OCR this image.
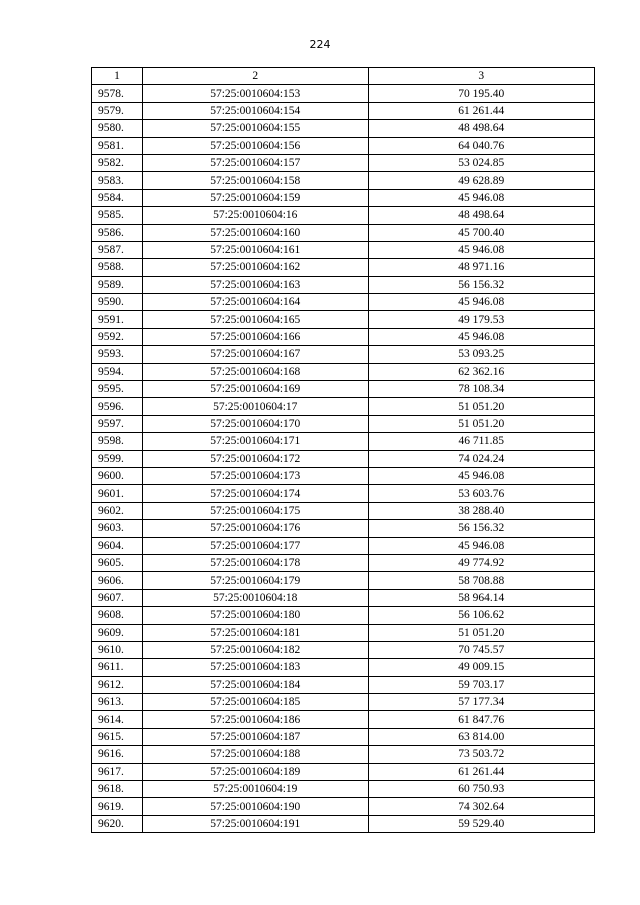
224
1	2	3
9578.	57:25:0010604:153	70 195.40
9579.	57:25:0010604:154	61 261.44
9580.	57:25:0010604:155	48 498.64
9581.	57:25:0010604:156	64 040.76
9582.	57:25:0010604:157	53 024.85
9583.	57:25:0010604:158	49 628.89
9584.	57:25:0010604:159	45 946.08
9585.	57:25:0010604:16	48 498.64
9586.	57:25:0010604:160	45 700.40
9587.	57:25:0010604:161	45 946.08
9588.	57:25:0010604:162	48 971.16
9589.	57:25:0010604:163	56 156.32
9590.	57:25:0010604:164	45 946.08
9591.	57:25:0010604:165	49 179.53
9592.	57:25:0010604:166	45 946.08
9593.	57:25:0010604:167	53 093.25
9594.	57:25:0010604:168	62 362.16
9595.	57:25:0010604:169	78 108.34
9596.	57:25:0010604:17	51 051.20
9597.	57:25:0010604:170	51 051.20
9598.	57:25:0010604:171	46 711.85
9599.	57:25:0010604:172	74 024.24
9600.	57:25:0010604:173	45 946.08
9601.	57:25:0010604:174	53 603.76
9602.	57:25:0010604:175	38 288.40
9603.	57:25:0010604:176	56 156.32
9604.	57:25:0010604:177	45 946.08
9605.	57:25:0010604:178	49 774.92
9606.	57:25:0010604:179	58 708.88
9607.	57:25:0010604:18	58 964.14
9608.	57:25:0010604:180	56 106.62
9609.	57:25:0010604:181	51 051.20
9610.	57:25:0010604:182	70 745.57
9611.	57:25:0010604:183	49 009.15
9612.	57:25:0010604:184	59 703.17
9613.	57:25:0010604:185	57 177.34
9614.	57:25:0010604:186	61 847.76
9615.	57:25:0010604:187	63 814.00
9616.	57:25:0010604:188	73 503.72
9617.	57:25:0010604:189	61 261.44
9618.	57:25:0010604:19	60 750.93
9619.	57:25:0010604:190	74 302.64
9620.	57:25:0010604:191	59 529.40
